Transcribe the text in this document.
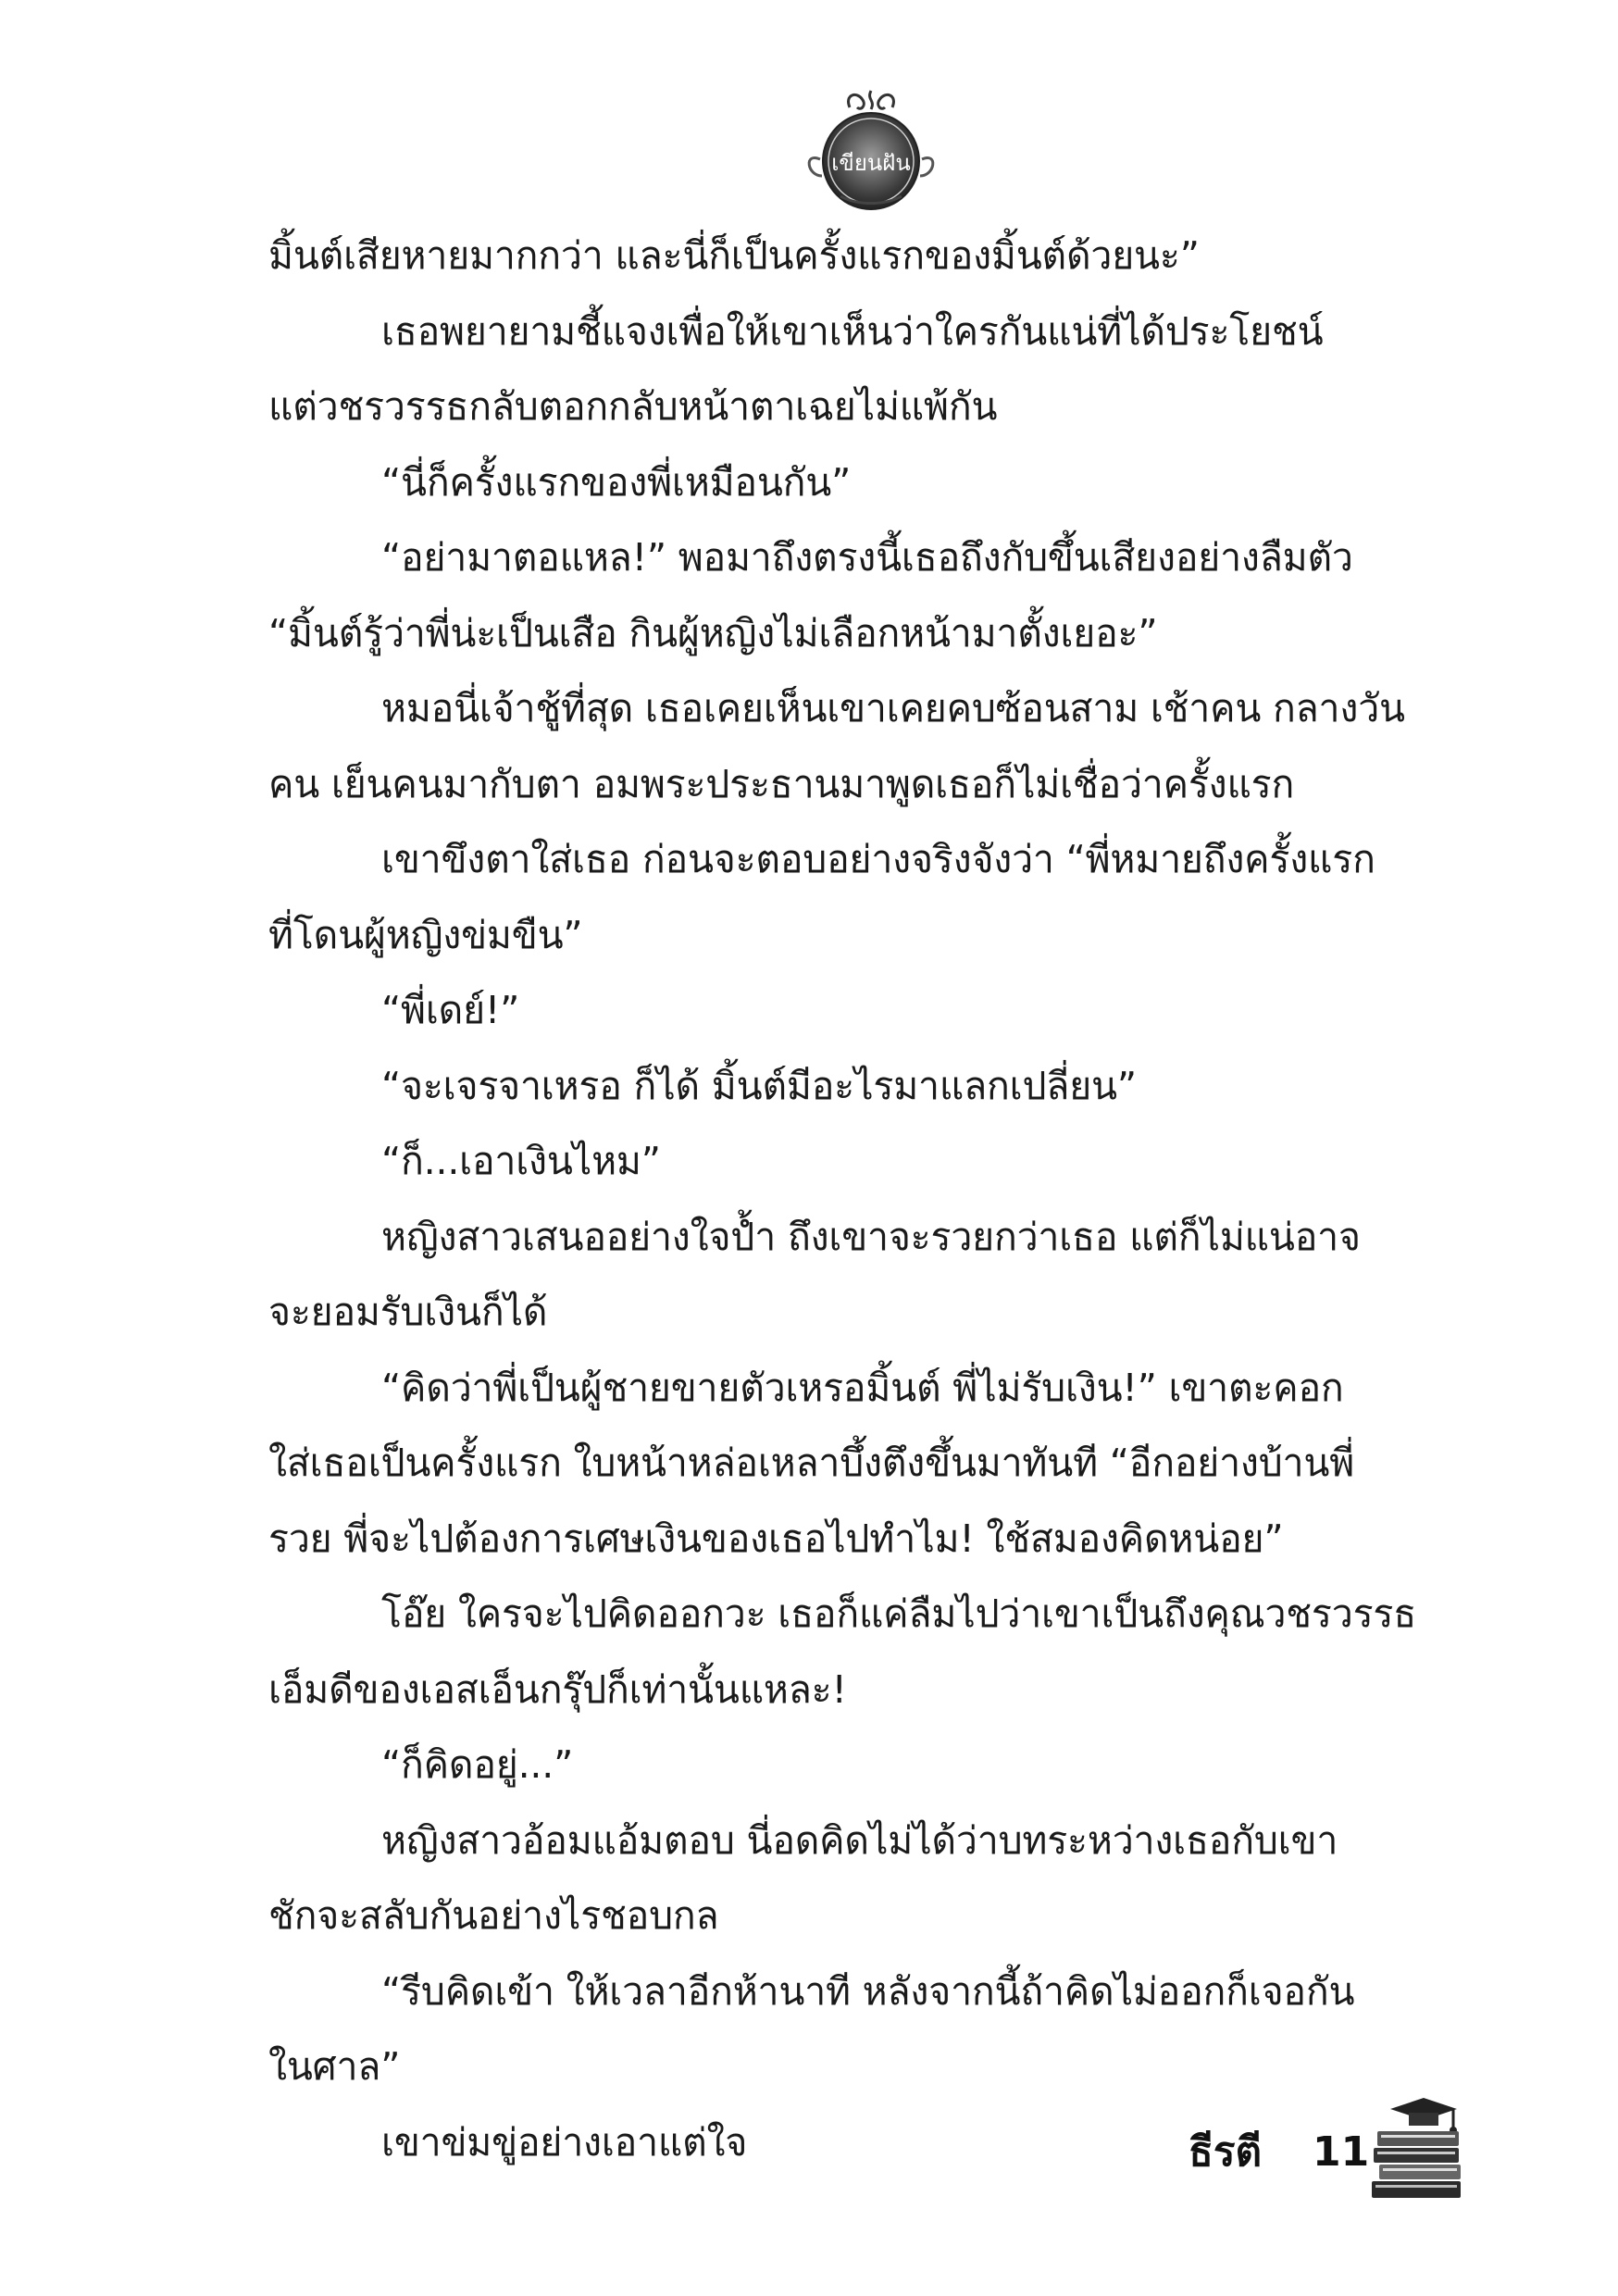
เขียนฝัน
มิ้นต์เสียหายมากกว่า และนี่ก็เป็นครั้งแรกของมิ้นต์ด้วยนะ”
เธอพยายามชี้แจงเพื่อให้เขาเห็นว่าใครกันแน่ที่ได้ประโยชน์
แต่วชรวรรธกลับตอกกลับหน้าตาเฉยไม่แพ้กัน
“นี่ก็ครั้งแรกของพี่เหมือนกัน”
“อย่ามาตอแหล!” พอมาถึงตรงนี้เธอถึงกับขึ้นเสียงอย่างลืมตัว
“มิ้นต์รู้ว่าพี่น่ะเป็นเสือ กินผู้หญิงไม่เลือกหน้ามาตั้งเยอะ”
หมอนี่เจ้าชู้ที่สุด เธอเคยเห็นเขาเคยคบซ้อนสาม เช้าคน กลางวัน
คน เย็นคนมากับตา อมพระประธานมาพูดเธอก็ไม่เชื่อว่าครั้งแรก
เขาขึงตาใส่เธอ ก่อนจะตอบอย่างจริงจังว่า “พี่หมายถึงครั้งแรก
ที่โดนผู้หญิงข่มขืน”
“พี่เดย์!”
“จะเจรจาเหรอ ก็ได้ มิ้นต์มีอะไรมาแลกเปลี่ยน”
“ก็...เอาเงินไหม”
หญิงสาวเสนออย่างใจป้ำ ถึงเขาจะรวยกว่าเธอ แต่ก็ไม่แน่อาจ
จะยอมรับเงินก็ได้
“คิดว่าพี่เป็นผู้ชายขายตัวเหรอมิ้นต์ พี่ไม่รับเงิน!” เขาตะคอก
ใส่เธอเป็นครั้งแรก ใบหน้าหล่อเหลาบึ้งตึงขึ้นมาทันที “อีกอย่างบ้านพี่
รวย พี่จะไปต้องการเศษเงินของเธอไปทำไม! ใช้สมองคิดหน่อย”
โอ๊ย ใครจะไปคิดออกวะ เธอก็แค่ลืมไปว่าเขาเป็นถึงคุณวชรวรรธ
เอ็มดีของเอสเอ็นกรุ๊ปก็เท่านั้นแหละ!
“ก็คิดอยู่...”
หญิงสาวอ้อมแอ้มตอบ นี่อดคิดไม่ได้ว่าบทระหว่างเธอกับเขา
ชักจะสลับกันอย่างไรชอบกล
“รีบคิดเข้า ให้เวลาอีกห้านาที หลังจากนี้ถ้าคิดไม่ออกก็เจอกัน
ในศาล”
เขาข่มขู่อย่างเอาแต่ใจ	ธีรตี 11
